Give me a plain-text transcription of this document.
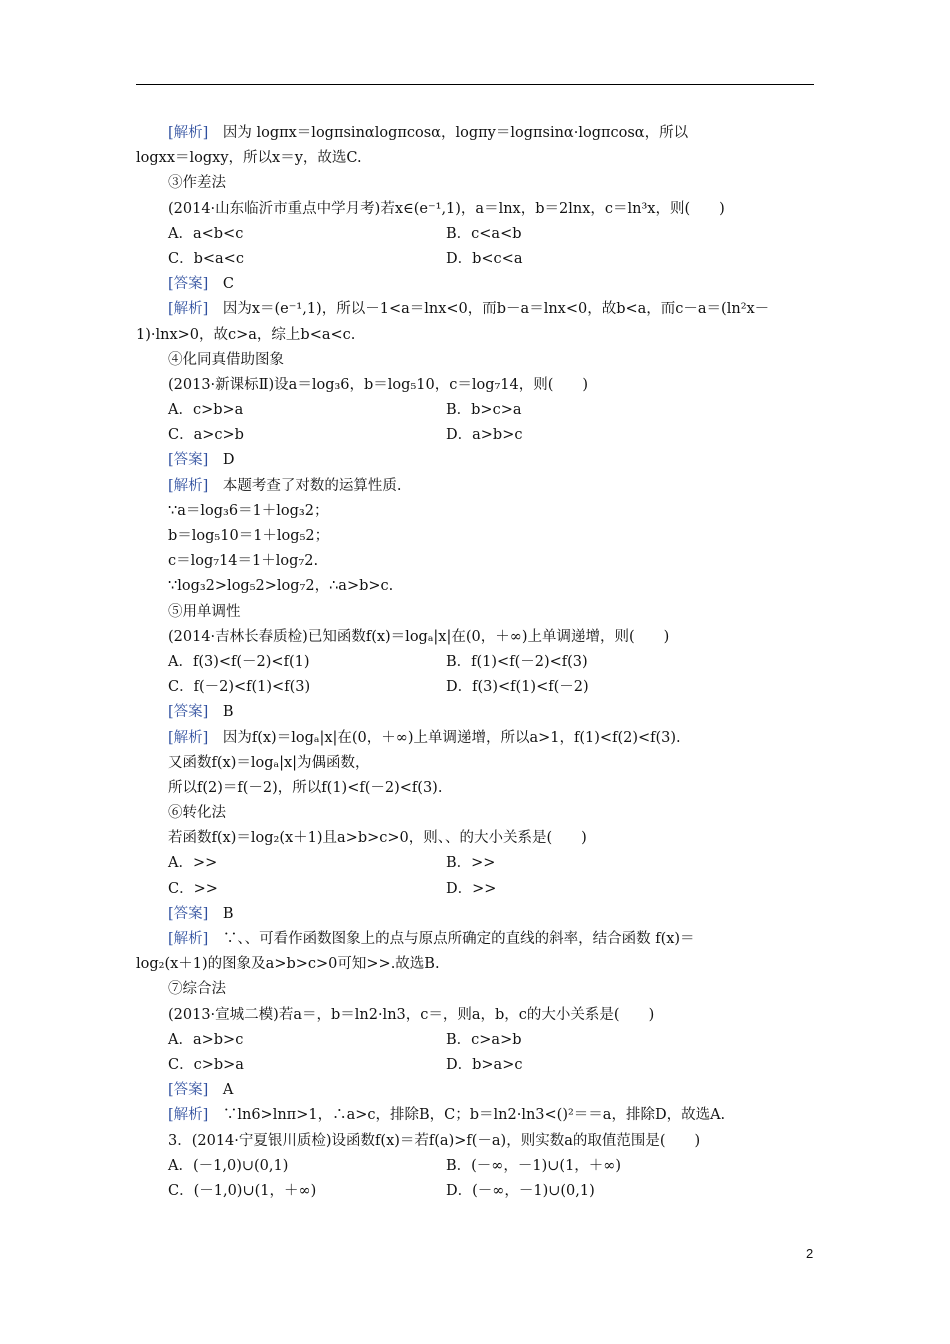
[ 解析 ]　因为 logπx＝logπsinαlogπcosα，logπy＝logπsinα·logπcosα，所以
logxx＝logxy，所以x＝y，故选C.
③作差法
(2014·山东临沂市重点中学月考)若x∈(e⁻¹,1)，a＝lnx，b＝2lnx，c＝ln³x，则(　　)
A．a<b<c	B．c<a<b
C．b<a<c	D．b<c<a
[ 答案 ]　C
[ 解析 ]　因为x＝(e⁻¹,1)，所以－1<a＝lnx<0，而b－a＝lnx<0，故b<a，而c－a＝(ln²x－
1)·lnx>0，故c>a，综上b<a<c.
④化同真借助图象
(2013·新课标Ⅱ)设a＝log₃6，b＝log₅10，c＝log₇14，则(　　)
A．c>b>a	B．b>c>a
C．a>c>b	D．a>b>c
[ 答案 ]　D
[ 解析 ]　本题考查了对数的运算性质.
∵a＝log₃6＝1＋log₃2；
b＝log₅10＝1＋log₅2；
c＝log₇14＝1＋log₇2.
∵log₃2>log₅2>log₇2，∴a>b>c.
⑤用单调性
(2014·吉林长春质检)已知函数f(x)＝logₐ|x|在(0，＋∞)上单调递增，则(　　)
A．f(3)<f(－2)<f(1)	B．f(1)<f(－2)<f(3)
C．f(－2)<f(1)<f(3)	D．f(3)<f(1)<f(－2)
[ 答案 ]　B
[ 解析 ]　因为f(x)＝logₐ|x|在(0，＋∞)上单调递增，所以a>1，f(1)<f(2)<f(3).
又函数f(x)＝logₐ|x|为偶函数，
所以f(2)＝f(－2)，所以f(1)<f(－2)<f(3).
⑥转化法
若函数f(x)＝log₂(x＋1)且a>b>c>0，则、、的大小关系是(　　)
A．>>	B．>>
C．>>	D．>>
[ 答案 ]　B
[ 解析 ]　∵、、可看作函数图象上的点与原点所确定的直线的斜率，结合函数 f(x)＝
log₂(x＋1)的图象及a>b>c>0可知>>.故选B.
⑦综合法
(2013·宣城二模)若a＝，b＝ln2·ln3，c＝，则a，b，c的大小关系是(　　)
A．a>b>c	B．c>a>b
C．c>b>a	D．b>a>c
[ 答案 ]　A
[ 解析 ]　∵ln6>lnπ>1，∴a>c，排除B，C；b＝ln2·ln3<()²＝＝a，排除D，故选A.
3．(2014·宁夏银川质检)设函数f(x)＝若f(a)>f(－a)，则实数a的取值范围是(　　)
A．(－1,0)∪(0,1)	B．(－∞，－1)∪(1，＋∞)
C．(－1,0)∪(1，＋∞)	D．(－∞，－1)∪(0,1)
2
